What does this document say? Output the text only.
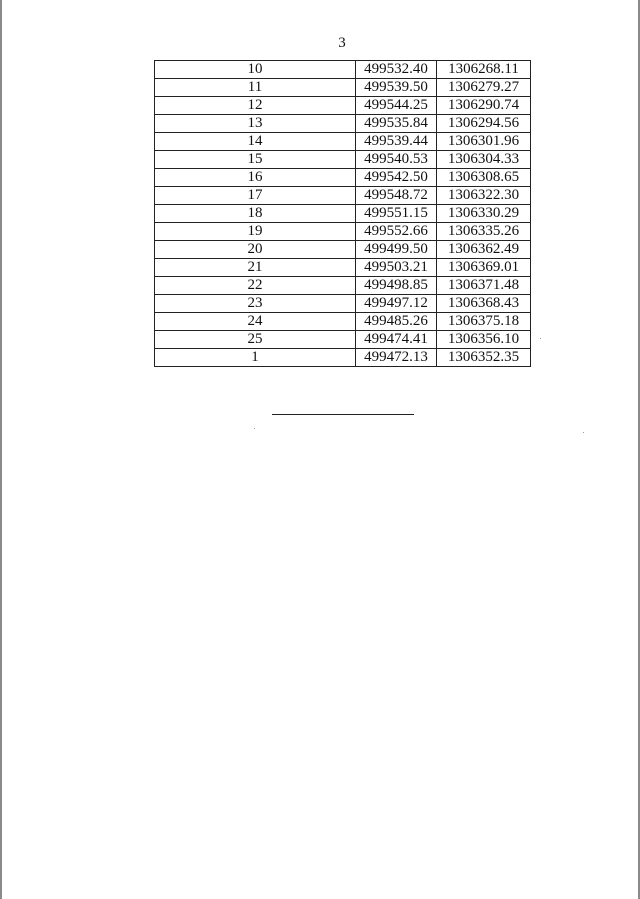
3
10	499532.40	1306268.11
11	499539.50	1306279.27
12	499544.25	1306290.74
13	499535.84	1306294.56
14	499539.44	1306301.96
15	499540.53	1306304.33
16	499542.50	1306308.65
17	499548.72	1306322.30
18	499551.15	1306330.29
19	499552.66	1306335.26
20	499499.50	1306362.49
21	499503.21	1306369.01
22	499498.85	1306371.48
23	499497.12	1306368.43
24	499485.26	1306375.18
25	499474.41	1306356.10
1	499472.13	1306352.35
